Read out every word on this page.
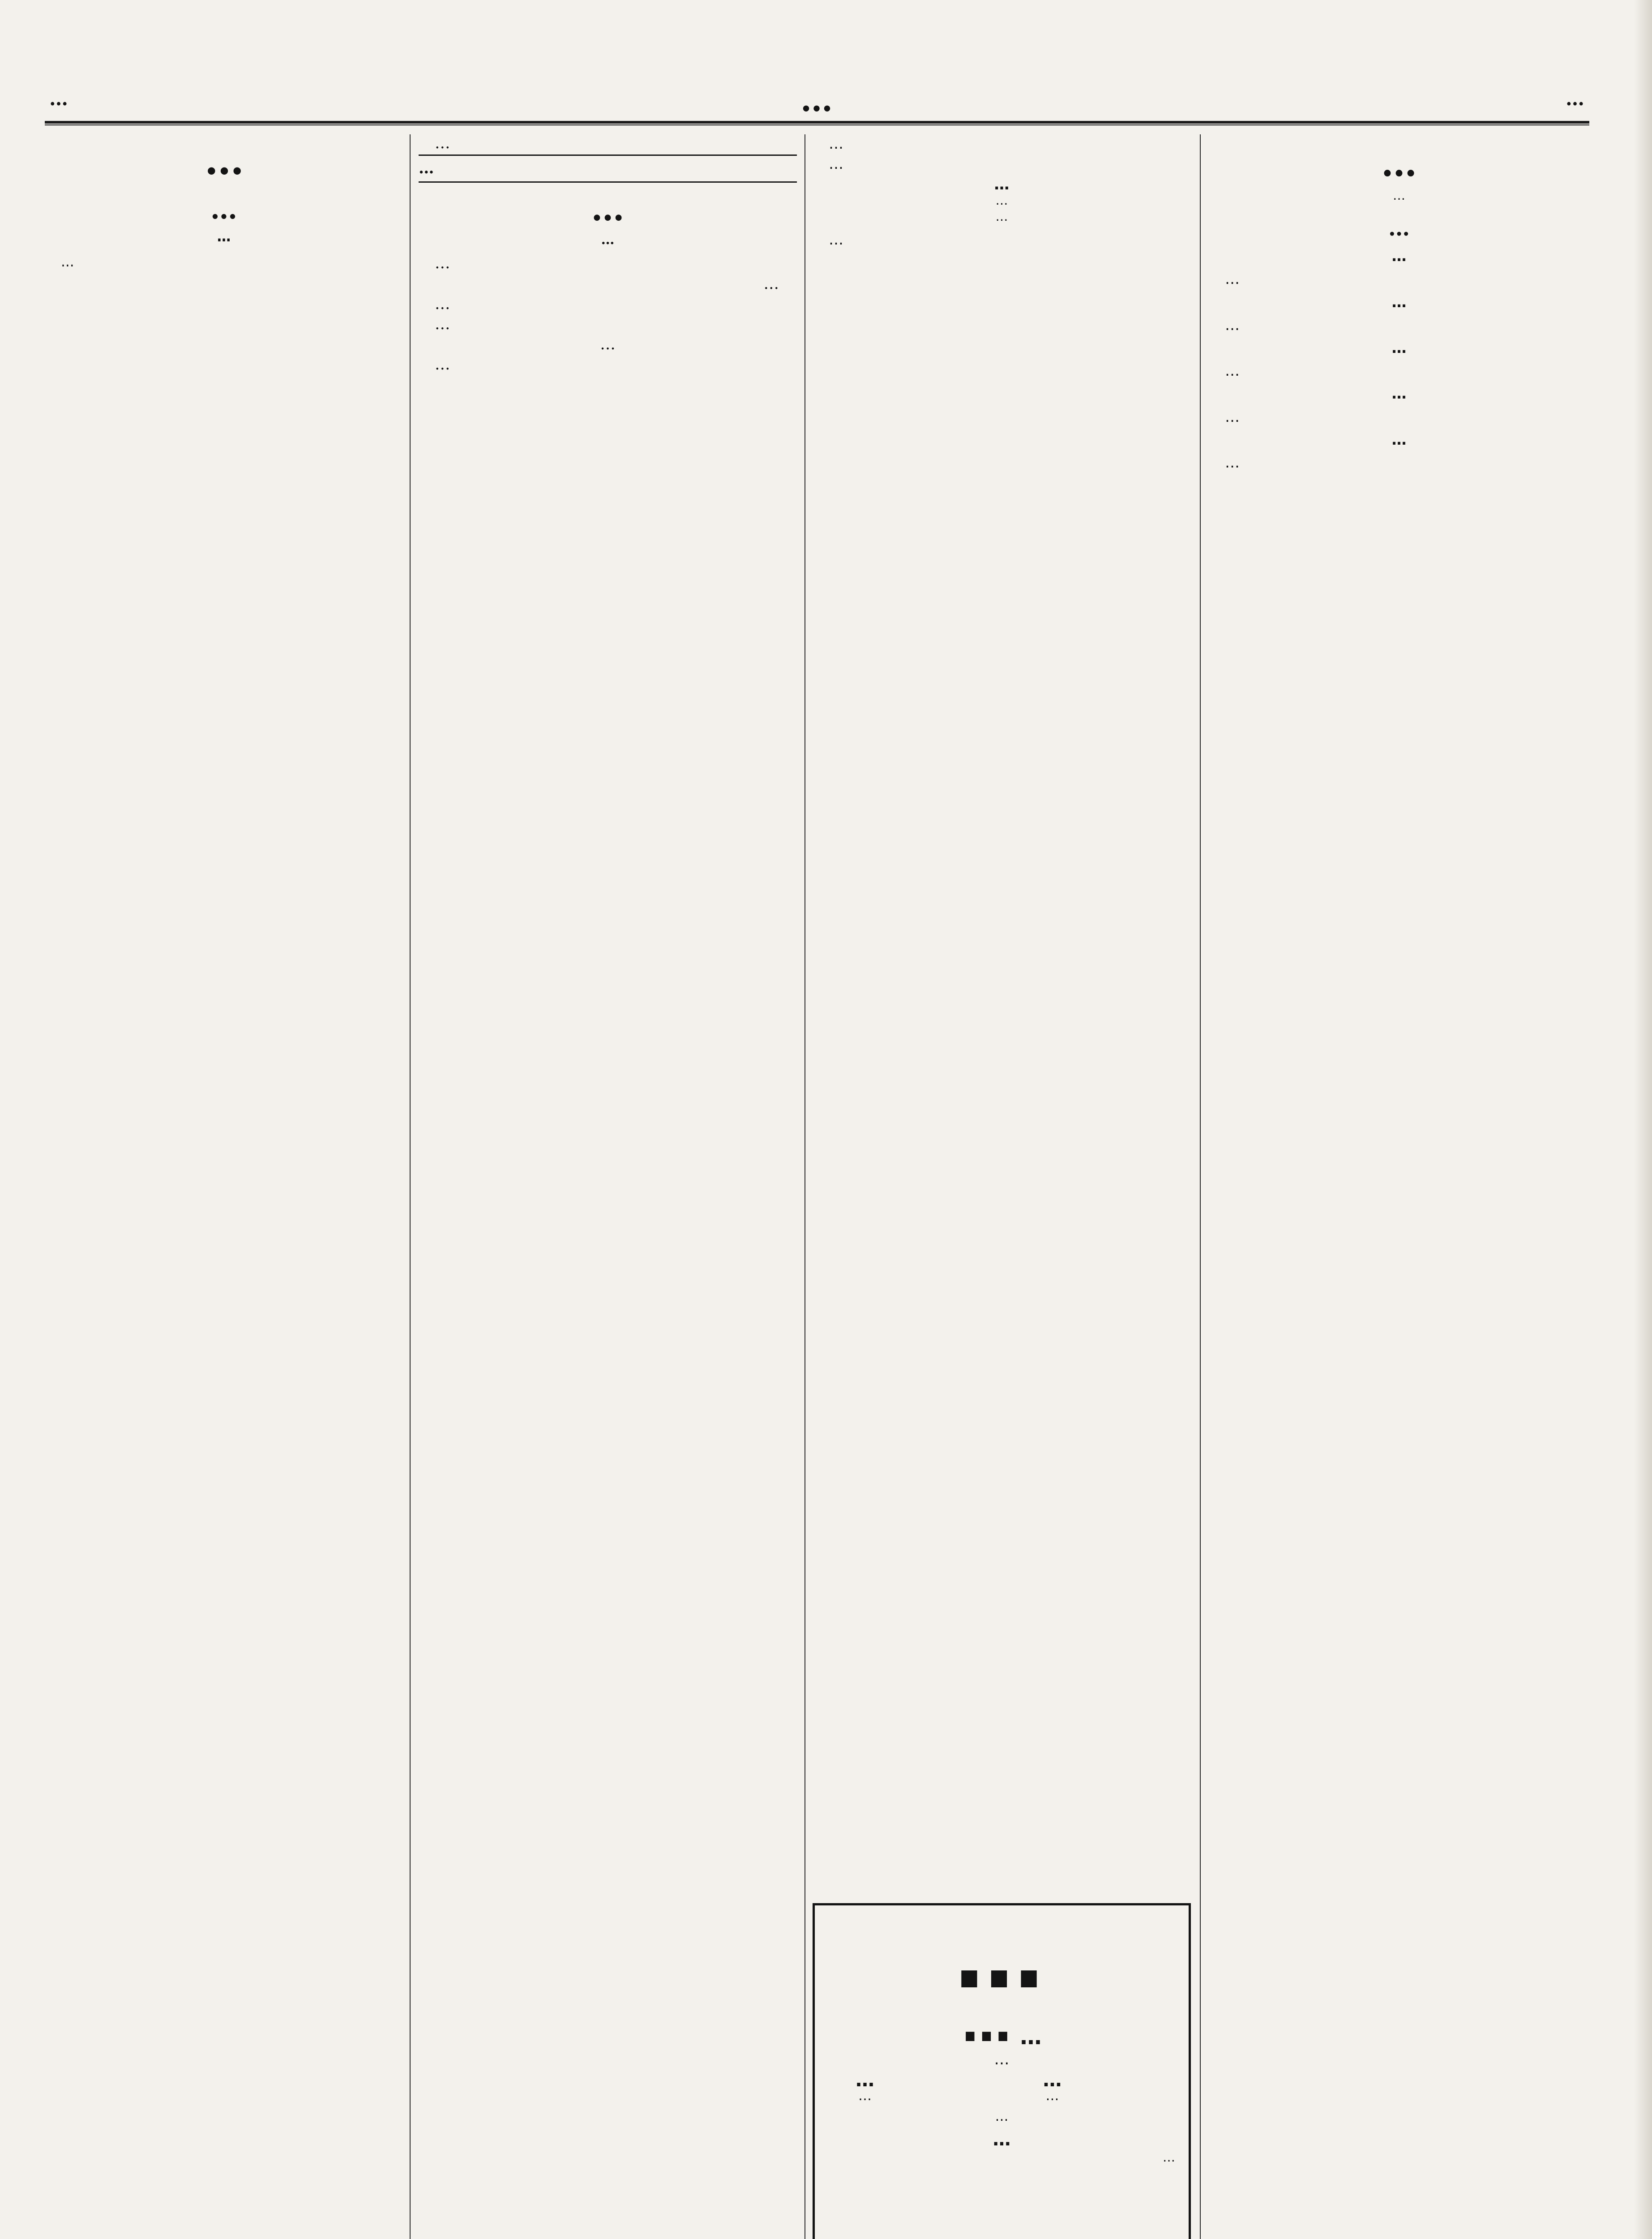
…	…	…
…
…
…

…

…

…
…
…

…

…

…

…

…

…

…

…

…
…
…

…

…
… …
…
…
…
…
…
…
…
…
…
…
…

…

…

…

…

…

…

…

…

…

…
